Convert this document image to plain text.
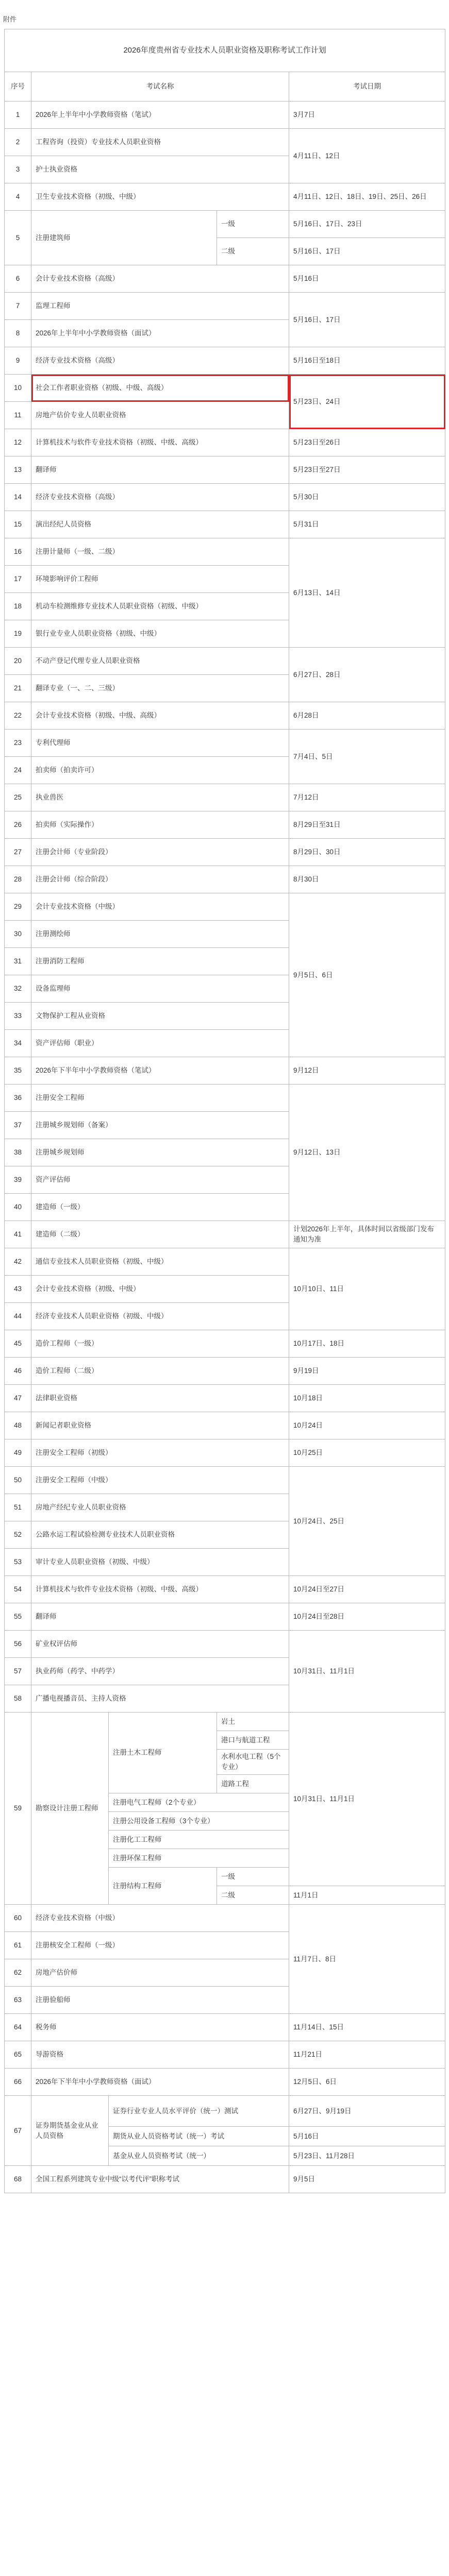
附件
2026年度贵州省专业技术人员职业资格及职称考试工作计划				
序号	考试名称			考试日期
1	2026年上半年中小学教师资格（笔试）			3月7日
2	工程咨询（投资）专业技术人员职业资格			4月11日、12日
3	护士执业资格			
4	卫生专业技术资格（初级、中级）			4月11日、12日、18日、19日、25日、26日
5	注册建筑师		一级	5月16日、17日、23日
			二级	5月16日、17日
6	会计专业技术资格（高级）			5月16日
7	监理工程师			5月16日、17日
8	2026年上半年中小学教师资格（面试）			
9	经济专业技术资格（高级）			5月16日至18日
10	社会工作者职业资格（初级、中级、高级）			5月23日、24日
11	房地产估价专业人员职业资格			
12	计算机技术与软件专业技术资格（初级、中级、高级）			5月23日至26日
13	翻译师			5月23日至27日
14	经济专业技术资格（高级）			5月30日
15	演出经纪人员资格			5月31日
16	注册计量师（一级、二级）			6月13日、14日
17	环境影响评价工程师			
18	机动车检测维修专业技术人员职业资格（初级、中级）			
19	银行业专业人员职业资格（初级、中级）			
20	不动产登记代理专业人员职业资格			6月27日、28日
21	翻译专业（一、二、三级）			
22	会计专业技术资格（初级、中级、高级）			6月28日
23	专利代理师			7月4日、5日
24	拍卖师（拍卖许可）			
25	执业兽医			7月12日
26	拍卖师（实际操作）			8月29日至31日
27	注册会计师（专业阶段）			8月29日、30日
28	注册会计师（综合阶段）			8月30日
29	会计专业技术资格（中级）			9月5日、6日
30	注册测绘师			
31	注册消防工程师			
32	设备监理师			
33	文物保护工程从业资格			
34	资产评估师（职业）			
35	2026年下半年中小学教师资格（笔试）			9月12日
36	注册安全工程师			9月12日、13日
37	注册城乡规划师（备案）			
38	注册城乡规划师			
39	资产评估师			
40	建造师（一级）			
41	建造师（二级）			计划2026年上半年，具体时间以省级部门发布通知为准
42	通信专业技术人员职业资格（初级、中级）			10月10日、11日
43	会计专业技术资格（初级、中级）			
44	经济专业技术人员职业资格（初级、中级）			
45	造价工程师（一级）			10月17日、18日
46	造价工程师（二级）			9月19日
47	法律职业资格			10月18日
48	新闻记者职业资格			10月24日
49	注册安全工程师（初级）			10月25日
50	注册安全工程师（中级）			10月24日、25日
51	房地产经纪专业人员职业资格			
52	公路水运工程试验检测专业技术人员职业资格			
53	审计专业人员职业资格（初级、中级）			
54	计算机技术与软件专业技术资格（初级、中级、高级）			10月24日至27日
55	翻译师			10月24日至28日
56	矿业权评估师			10月31日、11月1日
57	执业药师（药学、中药学）			
58	广播电视播音员、主持人资格			
59	勘察设计注册工程师	注册土木工程师	岩土	10月31日、11月1日
			港口与航道工程	
			水利水电工程（5个专业）	
			道路工程	
		注册电气工程师（2个专业）		
		注册公用设备工程师（3个专业）		
		注册化工工程师		
		注册环保工程师		
		注册结构工程师	一级	
			二级	11月1日
60	经济专业技术资格（中级）			11月7日、8日
61	注册核安全工程师（一级）			
62	房地产估价师			
63	注册验船师			
64	税务师			11月14日、15日
65	导游资格			11月21日
66	2026年下半年中小学教师资格（面试）			12月5日、6日
67	证券期货基金业从业人员资格	证券行业专业人员水平评价（统一）测试		6月27日、9月19日
		期货从业人员资格考试（统一）考试		5月16日
		基金从业人员资格考试（统一）		5月23日、11月28日
68	全国工程系列建筑专业中级“以考代评”职称考试			9月5日
